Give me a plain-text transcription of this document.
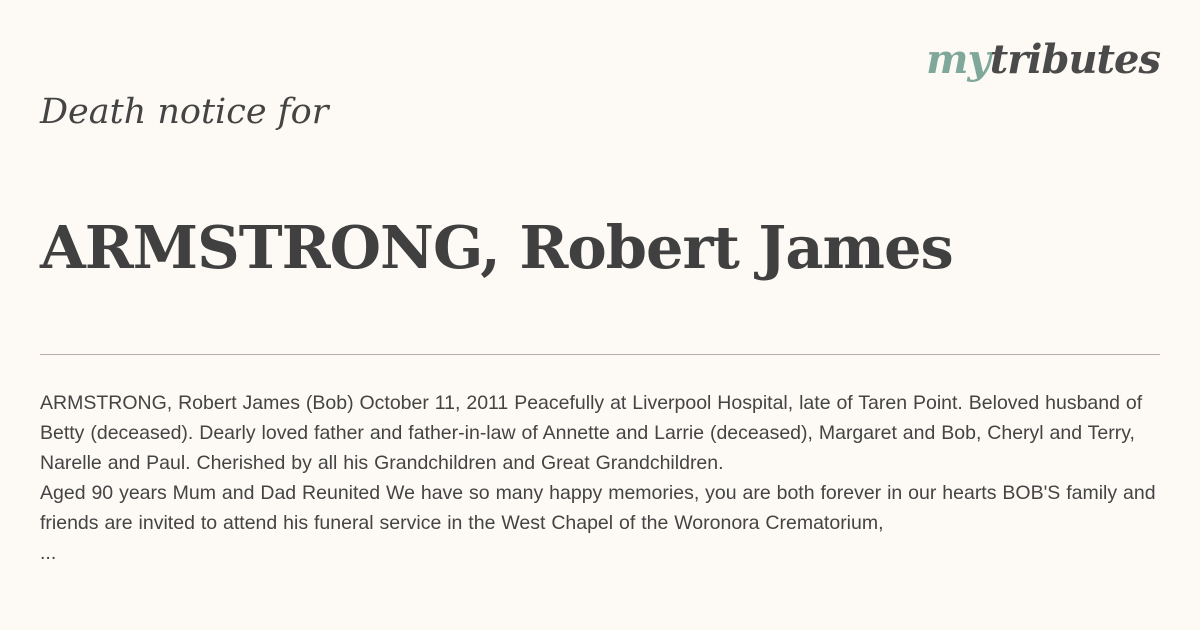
mytributes
Death notice for
ARMSTRONG, Robert James

ARMSTRONG, Robert James (Bob) October 11, 2011 Peacefully at Liverpool Hospital, late of Taren Point. Beloved husband of Betty (deceased). Dearly loved father and father-in-law of Annette and Larrie (deceased), Margaret and Bob, Cheryl and Terry, Narelle and Paul. Cherished by all his Grandchildren and Great Grandchildren.

Aged 90 years Mum and Dad Reunited We have so many happy memories, you are both forever in our hearts BOB'S family and friends are invited to attend his funeral service in the West Chapel of the Woronora Crematorium,

...
